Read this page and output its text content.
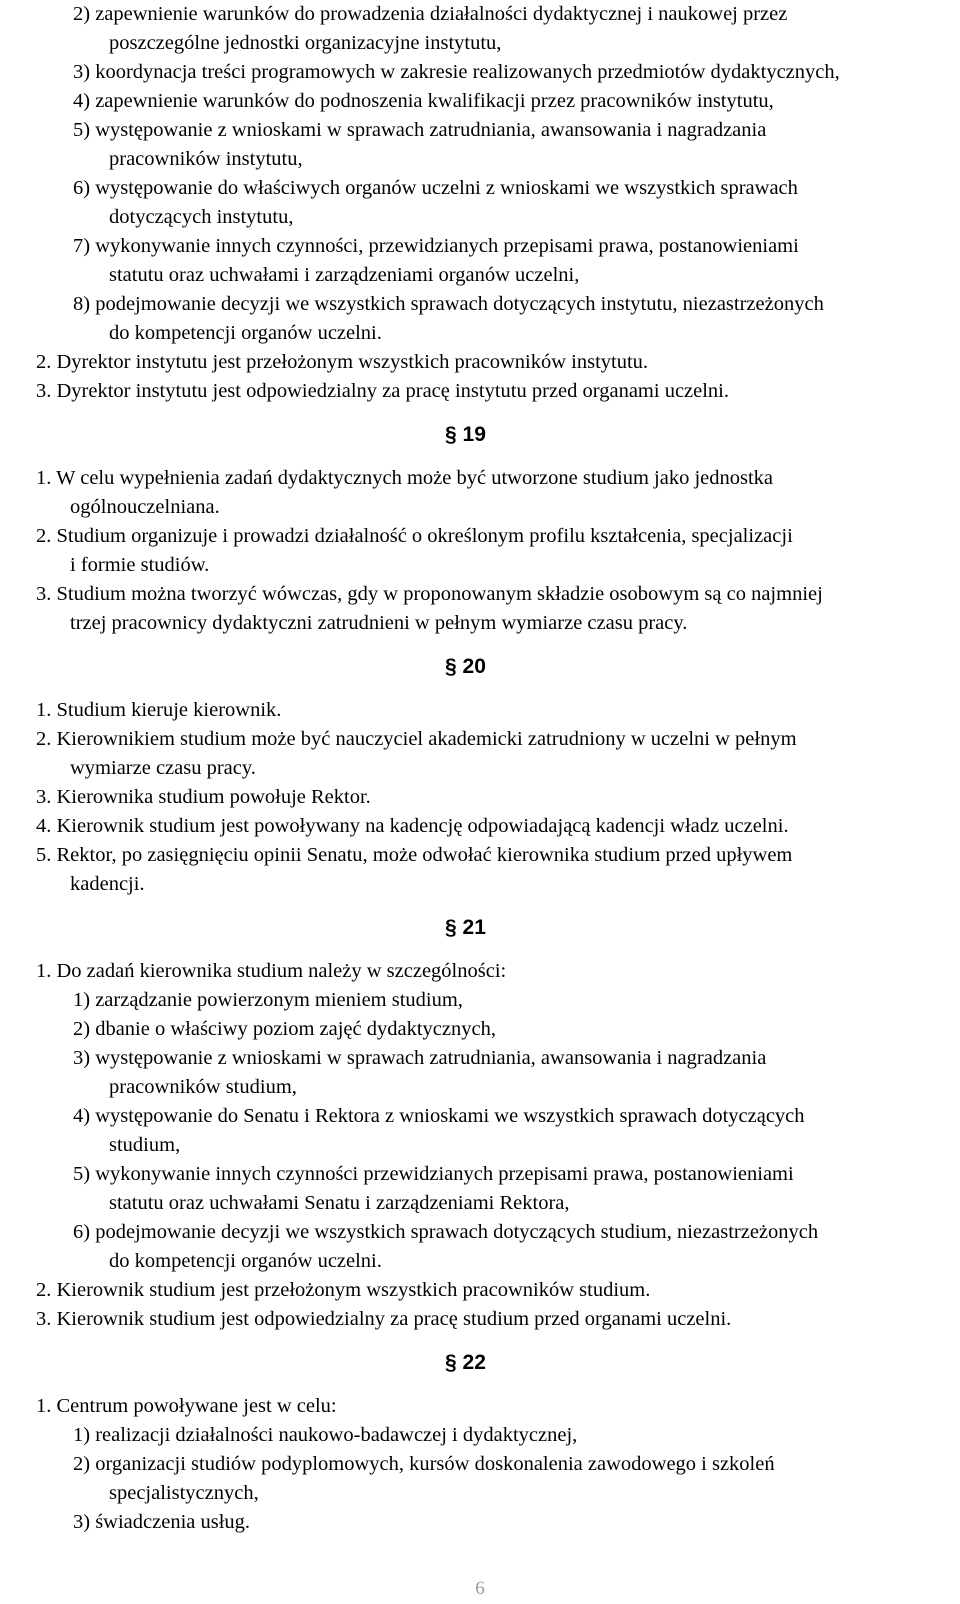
2) zapewnienie warunków do prowadzenia działalności dydaktycznej i naukowej przez
poszczególne jednostki organizacyjne instytutu,
3) koordynacja treści programowych w zakresie realizowanych przedmiotów dydaktycznych,
4) zapewnienie warunków do podnoszenia kwalifikacji przez pracowników instytutu,
5) występowanie z wnioskami w sprawach zatrudniania, awansowania i nagradzania
pracowników instytutu,
6) występowanie do właściwych organów uczelni z wnioskami we wszystkich sprawach
dotyczących instytutu,
7) wykonywanie innych czynności, przewidzianych przepisami prawa, postanowieniami
statutu oraz uchwałami i zarządzeniami organów uczelni,
8) podejmowanie decyzji we wszystkich sprawach dotyczących instytutu, niezastrzeżonych
do kompetencji organów uczelni.
2. Dyrektor instytutu jest przełożonym wszystkich pracowników instytutu.
3. Dyrektor instytutu jest odpowiedzialny za pracę instytutu przed organami uczelni.
§ 19
1. W celu wypełnienia zadań dydaktycznych może być utworzone studium jako jednostka
ogólnouczelniana.
2. Studium organizuje i prowadzi działalność o określonym profilu kształcenia, specjalizacji
i formie studiów.
3. Studium można tworzyć wówczas, gdy w proponowanym składzie osobowym są co najmniej
trzej pracownicy dydaktyczni zatrudnieni w pełnym wymiarze czasu pracy.
§ 20
1. Studium kieruje kierownik.
2. Kierownikiem studium może być nauczyciel akademicki zatrudniony w uczelni w pełnym
wymiarze czasu pracy.
3. Kierownika studium powołuje Rektor.
4. Kierownik studium jest powoływany na kadencję odpowiadającą kadencji władz uczelni.
5. Rektor, po zasięgnięciu opinii Senatu, może odwołać kierownika studium przed upływem
kadencji.
§ 21
1. Do zadań kierownika studium należy w szczególności:
1) zarządzanie powierzonym mieniem studium,
2) dbanie o właściwy poziom zajęć dydaktycznych,
3) występowanie z wnioskami w sprawach zatrudniania, awansowania i nagradzania
pracowników studium,
4) występowanie do Senatu i Rektora z wnioskami we wszystkich sprawach dotyczących
studium,
5) wykonywanie innych czynności przewidzianych przepisami prawa, postanowieniami
statutu oraz uchwałami Senatu i zarządzeniami Rektora,
6) podejmowanie decyzji we wszystkich sprawach dotyczących studium, niezastrzeżonych
do kompetencji organów uczelni.
2. Kierownik studium jest przełożonym wszystkich pracowników studium.
3. Kierownik studium jest odpowiedzialny za pracę studium przed organami uczelni.
§ 22
1. Centrum powoływane jest w celu:
1) realizacji działalności naukowo-badawczej i dydaktycznej,
2) organizacji studiów podyplomowych, kursów doskonalenia zawodowego i szkoleń
specjalistycznych,
3) świadczenia usług.
6
